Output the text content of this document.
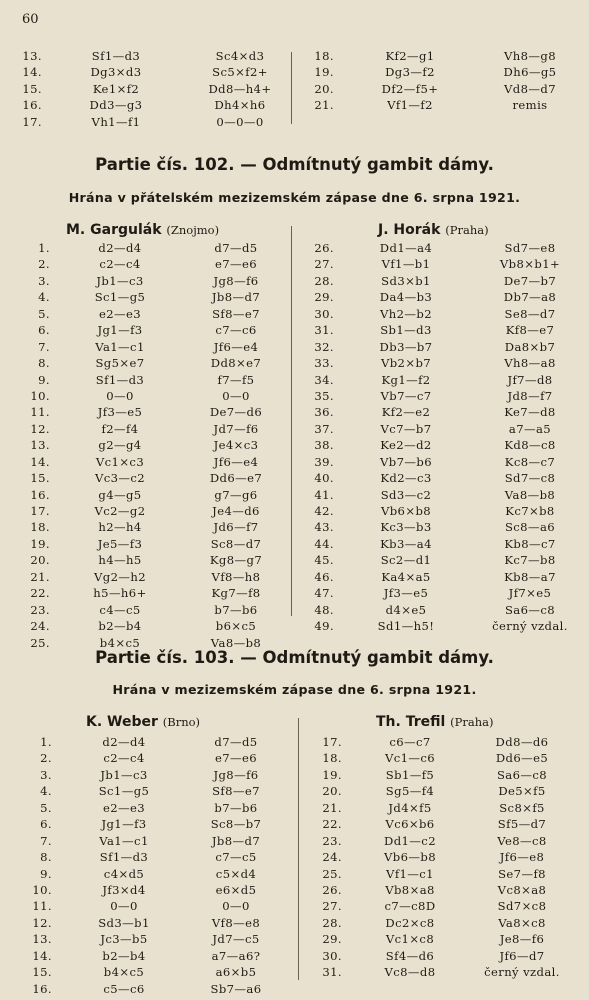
60
13.	Sf1—d3	Sc4⨯d3
14.	Dg3⨯d3	Sc5⨯f2+
15.	Ke1⨯f2	Dd8—h4+
16.	Dd3—g3	Dh4⨯h6
17.	Vh1—f1	0—0—0
18.	Kf2—g1	Vh8—g8
19.	Dg3—f2	Dh6—g5
20.	Df2—f5+	Vd8—d7
21.	Vf1—f2	remis
Partie čís. 102. — Odmítnutý gambit dámy.
Hrána v přátelském mezizemském zápase dne 6. srpna 1921.
M. Gargulák (Znojmo)	J. Horák (Praha)
1.	d2—d4	d7—d5
2.	c2—c4	e7—e6
3.	Jb1—c3	Jg8—f6
4.	Sc1—g5	Jb8—d7
5.	e2—e3	Sf8—e7
6.	Jg1—f3	c7—c6
7.	Va1—c1	Jf6—e4
8.	Sg5⨯e7	Dd8⨯e7
9.	Sf1—d3	f7—f5
10.	0—0	0—0
11.	Jf3—e5	De7—d6
12.	f2—f4	Jd7—f6
13.	g2—g4	Je4⨯c3
14.	Vc1⨯c3	Jf6—e4
15.	Vc3—c2	Dd6—e7
16.	g4—g5	g7—g6
17.	Vc2—g2	Je4—d6
18.	h2—h4	Jd6—f7
19.	Je5—f3	Sc8—d7
20.	h4—h5	Kg8—g7
21.	Vg2—h2	Vf8—h8
22.	h5—h6+	Kg7—f8
23.	c4—c5	b7—b6
24.	b2—b4	b6⨯c5
25.	b4⨯c5	Va8—b8
26.	Dd1—a4	Sd7—e8
27.	Vf1—b1	Vb8⨯b1+
28.	Sd3⨯b1	De7—b7
29.	Da4—b3	Db7—a8
30.	Vh2—b2	Se8—d7
31.	Sb1—d3	Kf8—e7
32.	Db3—b7	Da8⨯b7
33.	Vb2⨯b7	Vh8—a8
34.	Kg1—f2	Jf7—d8
35.	Vb7—c7	Jd8—f7
36.	Kf2—e2	Ke7—d8
37.	Vc7—b7	a7—a5
38.	Ke2—d2	Kd8—c8
39.	Vb7—b6	Kc8—c7
40.	Kd2—c3	Sd7—c8
41.	Sd3—c2	Va8—b8
42.	Vb6⨯b8	Kc7⨯b8
43.	Kc3—b3	Sc8—a6
44.	Kb3—a4	Kb8—c7
45.	Sc2—d1	Kc7—b8
46.	Ka4⨯a5	Kb8—a7
47.	Jf3—e5	Jf7⨯e5
48.	d4⨯e5	Sa6—c8
49.	Sd1—h5!	černý vzdal.
Partie čís. 103. — Odmítnutý gambit dámy.
Hrána v mezizemském zápase dne 6. srpna 1921.
K. Weber (Brno)	Th. Trefil (Praha)
1.	d2—d4	d7—d5
2.	c2—c4	e7—e6
3.	Jb1—c3	Jg8—f6
4.	Sc1—g5	Sf8—e7
5.	e2—e3	b7—b6
6.	Jg1—f3	Sc8—b7
7.	Va1—c1	Jb8—d7
8.	Sf1—d3	c7—c5
9.	c4⨯d5	c5⨯d4
10.	Jf3⨯d4	e6⨯d5
11.	0—0	0—0
12.	Sd3—b1	Vf8—e8
13.	Jc3—b5	Jd7—c5
14.	b2—b4	a7—a6?
15.	b4⨯c5	a6⨯b5
16.	c5—c6	Sb7—a6
17.	c6—c7	Dd8—d6
18.	Vc1—c6	Dd6—e5
19.	Sb1—f5	Sa6—c8
20.	Sg5—f4	De5⨯f5
21.	Jd4⨯f5	Sc8⨯f5
22.	Vc6⨯b6	Sf5—d7
23.	Dd1—c2	Ve8—c8
24.	Vb6—b8	Jf6—e8
25.	Vf1—c1	Se7—f8
26.	Vb8⨯a8	Vc8⨯a8
27.	c7—c8D	Sd7⨯c8
28.	Dc2⨯c8	Va8⨯c8
29.	Vc1⨯c8	Je8—f6
30.	Sf4—d6	Jf6—d7
31.	Vc8—d8	černý vzdal.
